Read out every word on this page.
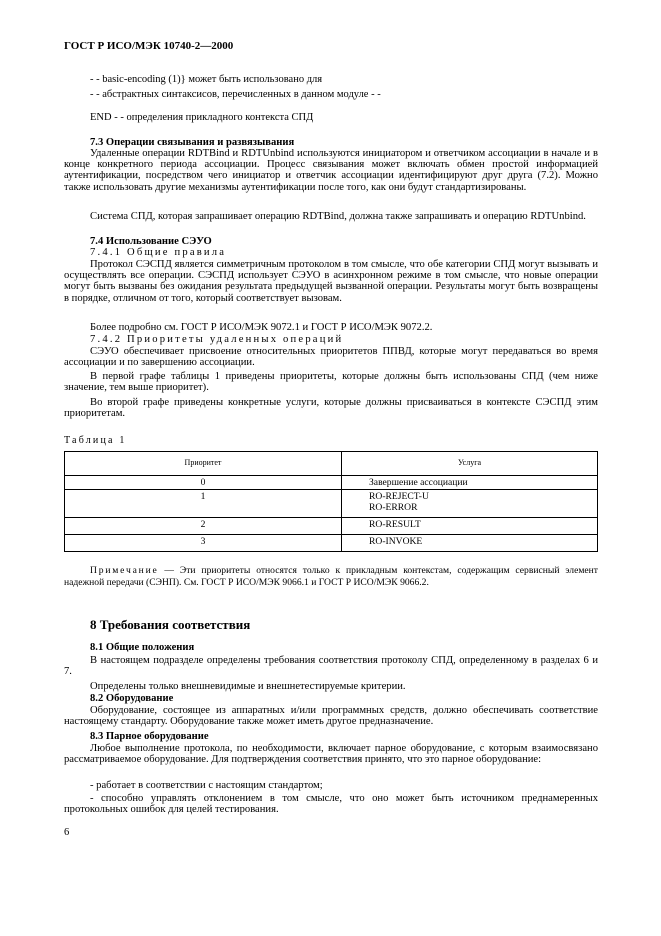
ГОСТ Р ИСО/МЭК 10740-2—2000
- - basic-encoding (1)} может быть использовано для
- - абстрактных синтаксисов, перечисленных в данном модуле - -
END - - определения прикладного контекста СПД
7.3 Операции связывания и развязывания

Удаленные операции RDTBind и RDTUnbind используются инициатором и ответчиком ассоциации в начале и в конце конкретного периода ассоциации. Процесс связывания может включать обмен простой информацией аутентификации, посредством чего инициатор и ответчик ассоциации идентифицируют друг друга (7.2). Можно также использовать другие механизмы аутентификации после того, как они будут стандартизированы.

Система СПД, которая запрашивает операцию RDTBind, должна также запрашивать и операцию RDTUnbind.

7.4 Использование СЭУО
7.4.1 Общие правила

Протокол СЭСПД является симметричным протоколом в том смысле, что обе категории СПД могут вызывать и осуществлять все операции. СЭСПД использует СЭУО в асинхронном режиме в том смысле, что новые операции могут быть вызваны без ожидания результата предыдущей вызванной операции. Результаты могут быть возвращены в порядке, отличном от того, который соответствует вызовам.

Более подробно см. ГОСТ Р ИСО/МЭК 9072.1 и ГОСТ Р ИСО/МЭК 9072.2.

7.4.2 Приоритеты удаленных операций

СЭУО обеспечивает присвоение относительных приоритетов ППВД, которые могут передаваться во время ассоциации и по завершению ассоциации.

В первой графе таблицы 1 приведены приоритеты, которые должны быть использованы СПД (чем ниже значение, тем выше приоритет).

Во второй графе приведены конкретные услуги, которые должны присваиваться в контексте СЭСПД этим приоритетам.

Таблица 1
Приоритет	Услуга
0	Завершение ассоциации
1	RO-REJECT-U
RO-ERROR
2	RO-RESULT
3	RO-INVOKE

Примечание — Эти приоритеты относятся только к прикладным контекстам, содержащим сервисный элемент надежной передачи (СЭНП). См. ГОСТ Р ИСО/МЭК 9066.1 и ГОСТ Р ИСО/МЭК 9066.2.

8 Требования соответствия
8.1 Общие положения

В настоящем подразделе определены требования соответствия протоколу СПД, определенному в разделах 6 и 7.

Определены только внешневидимые и внешнетестируемые критерии.

8.2 Оборудование

Оборудование, состоящее из аппаратных и/или программных средств, должно обеспечивать соответствие настоящему стандарту. Оборудование также может иметь другое предназначение.

8.3 Парное оборудование

Любое выполнение протокола, по необходимости, включает парное оборудование, с которым взаимосвязано рассматриваемое оборудование. Для подтверждения соответствия принято, что это парное оборудование:

- работает в соответствии с настоящим стандартом;

- способно управлять отклонением в том смысле, что оно может быть источником преднамеренных протокольных ошибок для целей тестирования.

6
